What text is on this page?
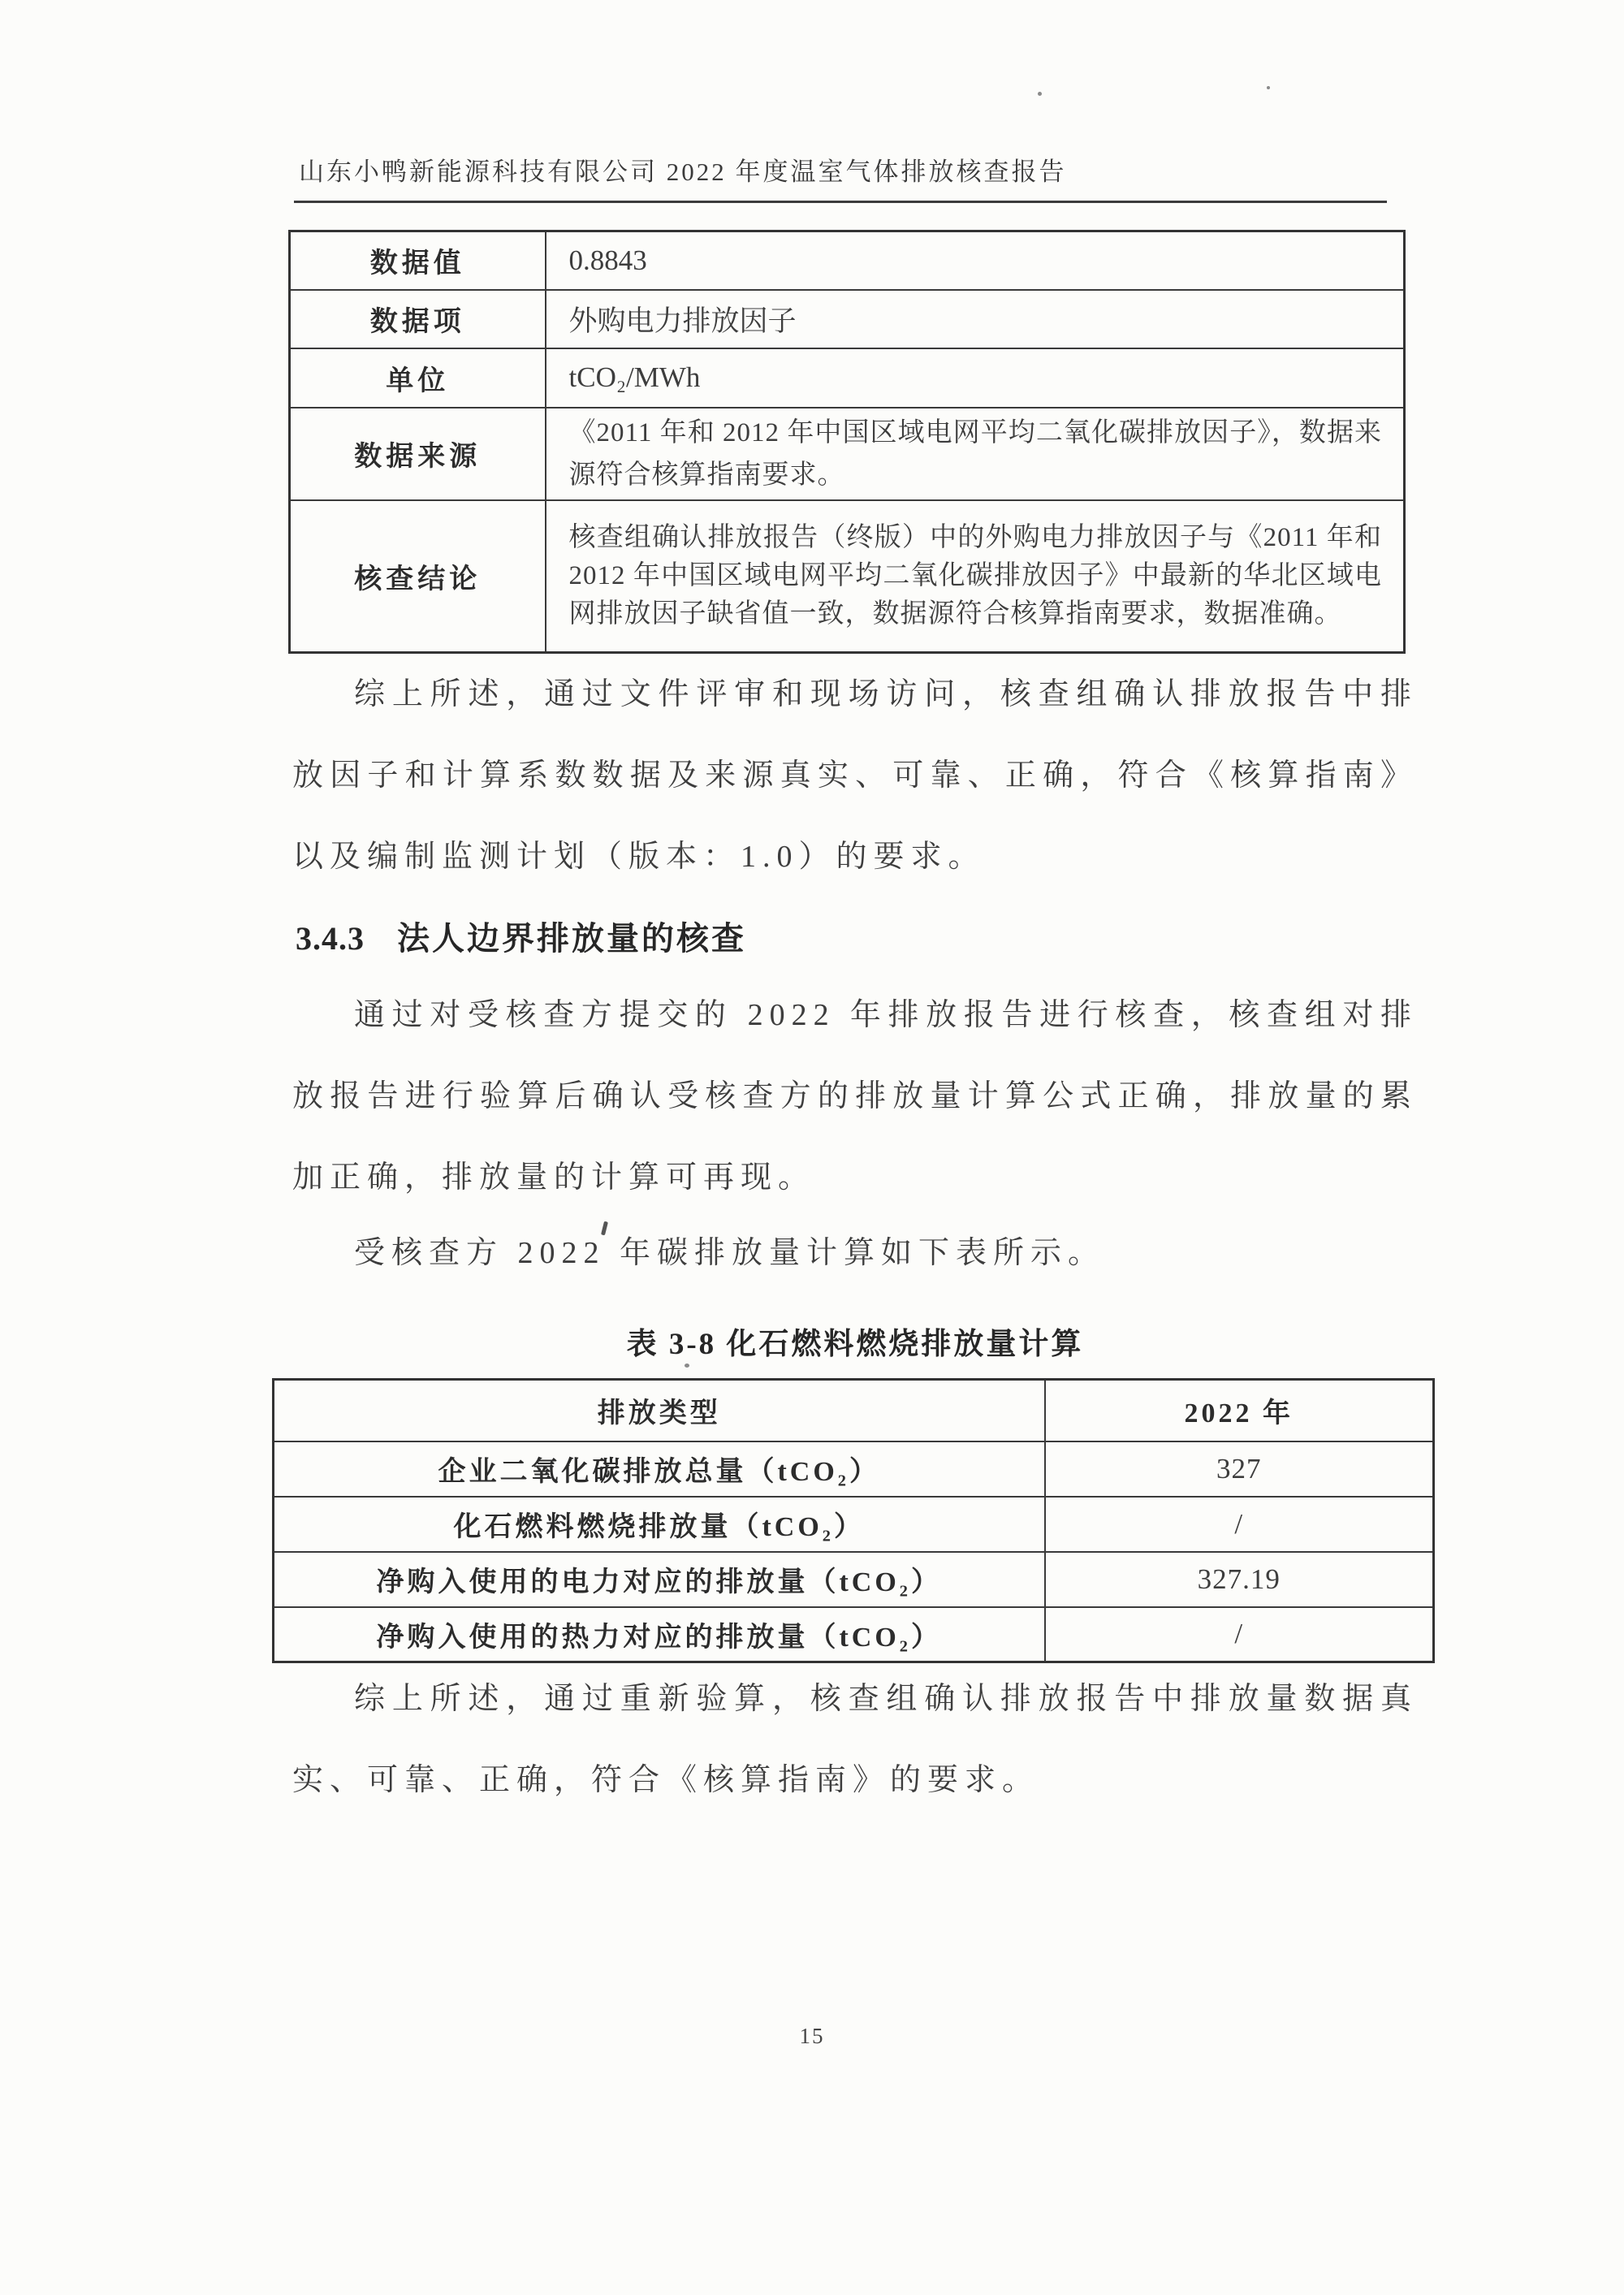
山东小鸭新能源科技有限公司 2022 年度温室气体排放核查报告
数据值	0.8843
数据项	外购电力排放因子
单位	tCO₂/MWh
数据来源	《2011 年和 2012 年中国区域电网平均二氧化碳排放因子》，数据来源符合核算指南要求。
核查结论	核查组确认排放报告（终版）中的外购电力排放因子与《2011 年和 2012 年中国区域电网平均二氧化碳排放因子》中最新的华北区域电网排放因子缺省值一致，数据源符合核算指南要求，数据准确。
综上所述，通过文件评审和现场访问，核查组确认排放报告中排放因子和计算系数数据及来源真实、可靠、正确，符合《核算指南》以及编制监测计划（版本：1.0）的要求。
3.4.3 法人边界排放量的核查
通过对受核查方提交的 2022 年排放报告进行核查，核查组对排放报告进行验算后确认受核查方的排放量计算公式正确，排放量的累加正确，排放量的计算可再现。
受核查方 2022 年碳排放量计算如下表所示。
表 3-8 化石燃料燃烧排放量计算
排放类型	2022 年
企业二氧化碳排放总量（tCO₂）	327
化石燃料燃烧排放量（tCO₂）	/
净购入使用的电力对应的排放量（tCO₂）	327.19
净购入使用的热力对应的排放量（tCO₂）	/
综上所述，通过重新验算，核查组确认排放报告中排放量数据真实、可靠、正确，符合《核算指南》的要求。
15
